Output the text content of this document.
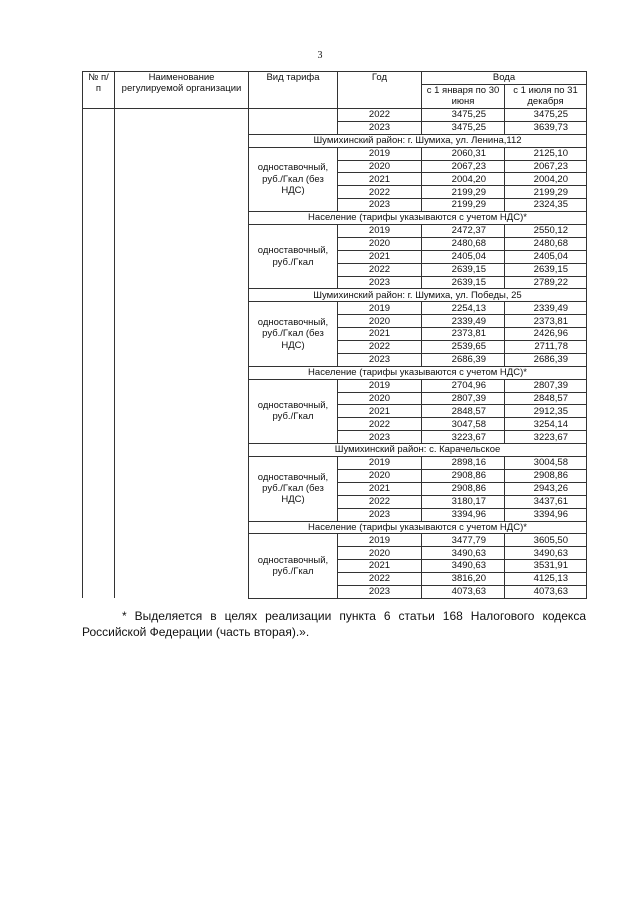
3
№ п/п	Наименование регулируемой организации	Вид тарифа	Год	Вода	
				с 1 января по 30 июня	с 1 июля по 31 декабря
			2022	3475,25	3475,25
			2023	3475,25	3639,73
		Шумихинский район: г. Шумиха, ул. Ленина,112			
		одноставочный, руб./Гкал (без НДС)	2019	2060,31	2125,10
			2020	2067,23	2067,23
			2021	2004,20	2004,20
			2022	2199,29	2199,29
			2023	2199,29	2324,35
		Население (тарифы указываются с учетом НДС)*			
		одноставочный, руб./Гкал	2019	2472,37	2550,12
			2020	2480,68	2480,68
			2021	2405,04	2405,04
			2022	2639,15	2639,15
			2023	2639,15	2789,22
		Шумихинский район: г. Шумиха, ул. Победы, 25			
		одноставочный, руб./Гкал (без НДС)	2019	2254,13	2339,49
			2020	2339,49	2373,81
			2021	2373,81	2426,96
			2022	2539,65	2711,78
			2023	2686,39	2686,39
		Население (тарифы указываются с учетом НДС)*			
		одноставочный, руб./Гкал	2019	2704,96	2807,39
			2020	2807,39	2848,57
			2021	2848,57	2912,35
			2022	3047,58	3254,14
			2023	3223,67	3223,67
		Шумихинский район: с. Карачельское			
		одноставочный, руб./Гкал (без НДС)	2019	2898,16	3004,58
			2020	2908,86	2908,86
			2021	2908,86	2943,26
			2022	3180,17	3437,61
			2023	3394,96	3394,96
		Население (тарифы указываются с учетом НДС)*			
		одноставочный, руб./Гкал	2019	3477,79	3605,50
			2020	3490,63	3490,63
			2021	3490,63	3531,91
			2022	3816,20	4125,13
			2023	4073,63	4073,63
* Выделяется в целях реализации пункта 6 статьи 168 Налогового кодекса Российской Федерации (часть вторая).».
